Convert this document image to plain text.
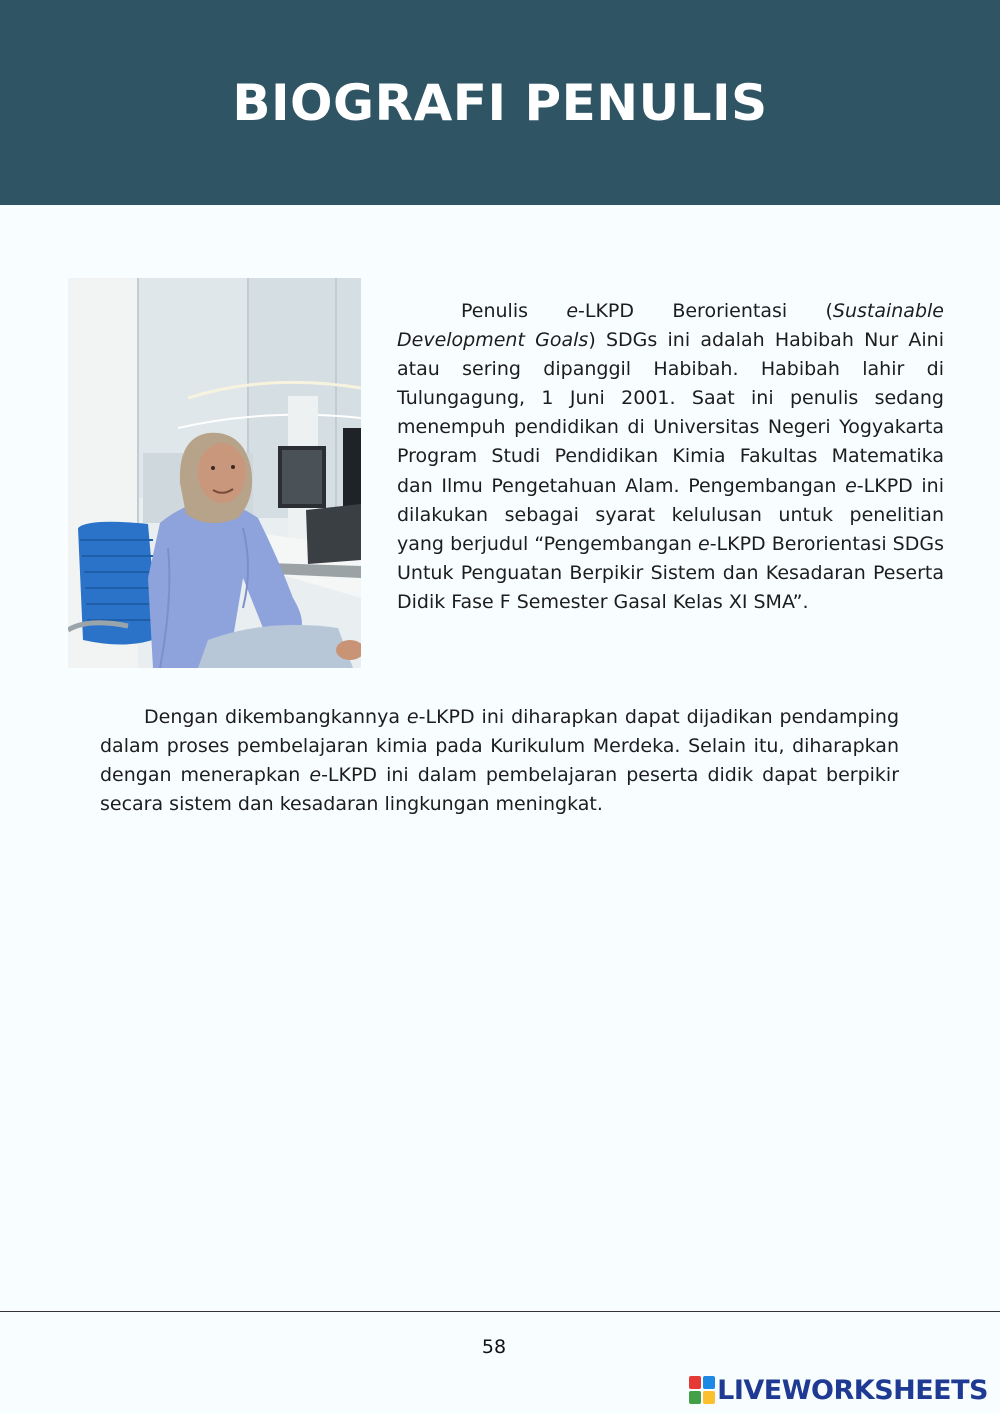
BIOGRAFI PENULIS

Penulis e-LKPD Berorientasi (Sustainable Development Goals) SDGs ini adalah Habibah Nur Aini atau sering dipanggil Habibah. Habibah lahir di Tulungagung, 1 Juni 2001. Saat ini penulis sedang menempuh pendidikan di Universitas Negeri Yogyakarta Program Studi Pendidikan Kimia Fakultas Matematika dan Ilmu Pengetahuan Alam. Pengembangan e-LKPD ini dilakukan sebagai syarat kelulusan untuk penelitian yang berjudul “Pengembangan e-LKPD Berorientasi SDGs Untuk Penguatan Berpikir Sistem dan Kesadaran Peserta Didik Fase F Semester Gasal Kelas XI SMA”.

Dengan dikembangkannya e-LKPD ini diharapkan dapat dijadikan pendamping dalam proses pembelajaran kimia pada Kurikulum Merdeka. Selain itu, diharapkan dengan menerapkan e-LKPD ini dalam pembelajaran peserta didik dapat berpikir secara sistem dan kesadaran lingkungan meningkat.

58
LIVEWORKSHEETS
